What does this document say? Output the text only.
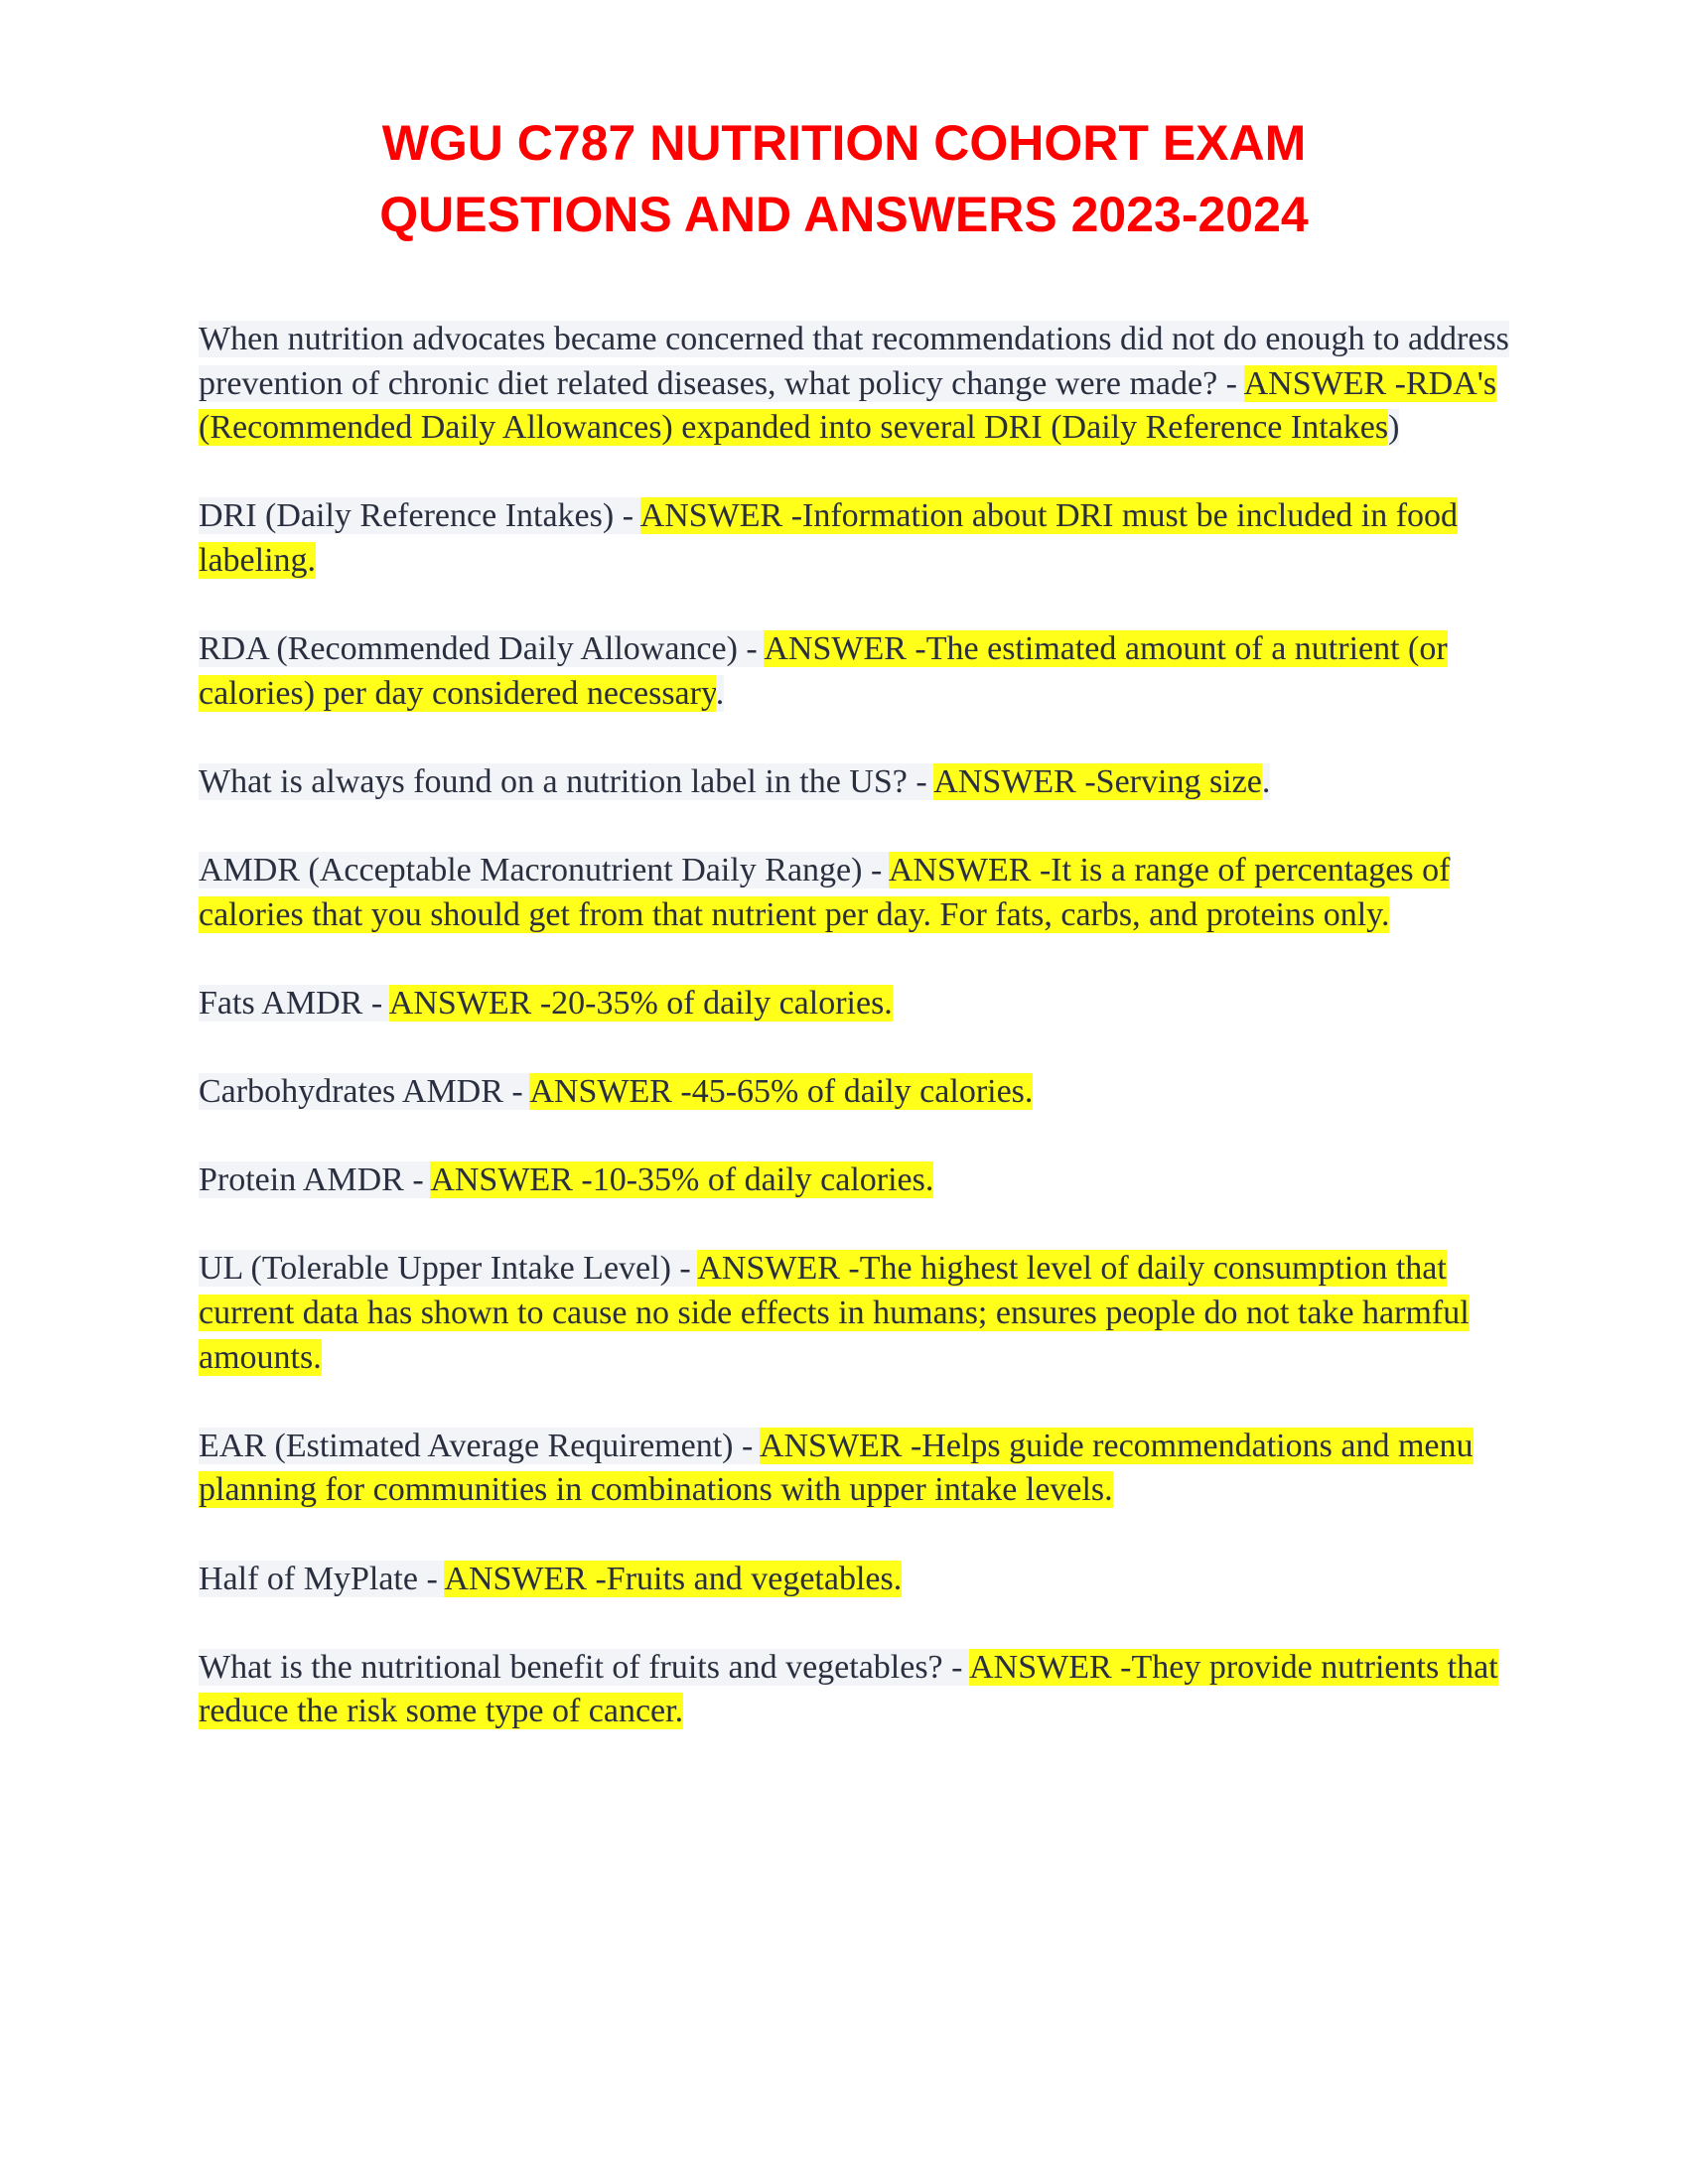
WGU C787 NUTRITION COHORT EXAM
QUESTIONS AND ANSWERS 2023-2024

When nutrition advocates became concerned that recommendations did not do enough to address prevention of chronic diet related diseases, what policy change were made? - ANSWER -RDA's (Recommended Daily Allowances) expanded into several DRI (Daily Reference Intakes)

DRI (Daily Reference Intakes) - ANSWER -Information about DRI must be included in food labeling.

RDA (Recommended Daily Allowance) - ANSWER -The estimated amount of a nutrient (or calories) per day considered necessary.

What is always found on a nutrition label in the US? - ANSWER -Serving size.

AMDR (Acceptable Macronutrient Daily Range) - ANSWER -It is a range of percentages of calories that you should get from that nutrient per day. For fats, carbs, and proteins only.

Fats AMDR - ANSWER -20-35% of daily calories.

Carbohydrates AMDR - ANSWER -45-65% of daily calories.

Protein AMDR - ANSWER -10-35% of daily calories.

UL (Tolerable Upper Intake Level) - ANSWER -The highest level of daily consumption that current data has shown to cause no side effects in humans; ensures people do not take harmful amounts.

EAR (Estimated Average Requirement) - ANSWER -Helps guide recommendations and menu planning for communities in combinations with upper intake levels.

Half of MyPlate - ANSWER -Fruits and vegetables.

What is the nutritional benefit of fruits and vegetables? - ANSWER -They provide nutrients that reduce the risk some type of cancer.
